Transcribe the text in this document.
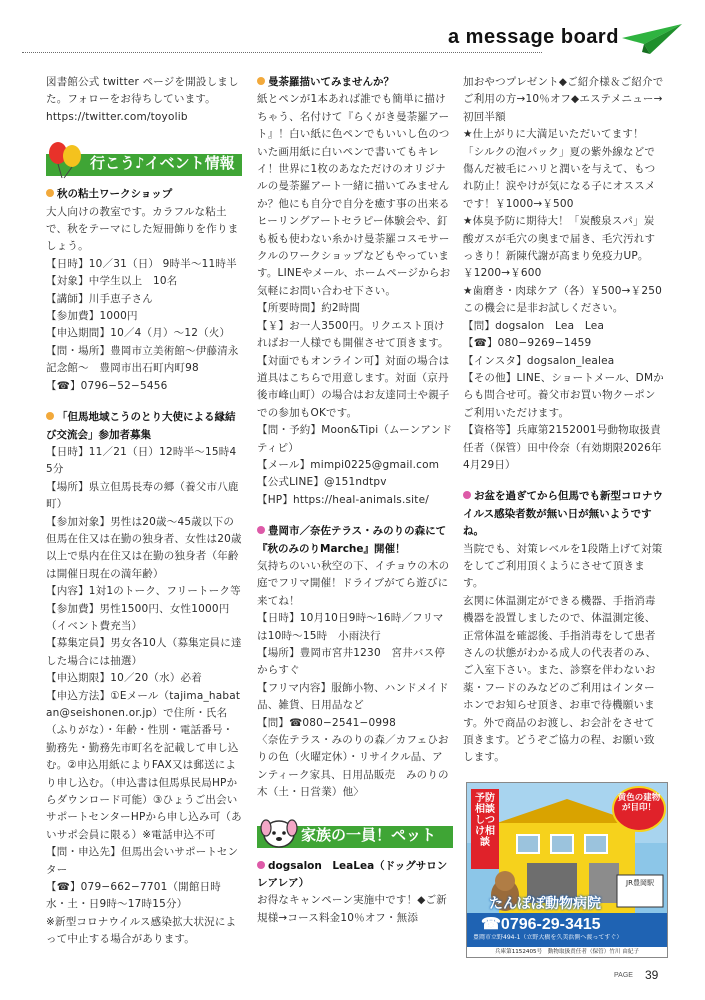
a message board
図書館公式 twitter ページを開設しました。フォローをお待ちしています。
https://twitter.com/toyolib
行こう♪イベント情報
秋の粘土ワークショップ
大人向けの教室です。カラフルな粘土で、秋をテーマにした短冊飾りを作りましょう。
【日時】10／31（日） 9時半〜11時半
【対象】中学生以上　10名
【講師】川手恵子さん
【参加費】1000円
【申込期間】10／4（月）〜12（火）
【問・場所】豊岡市立美術館〜伊藤清永記念館〜　豊岡市出石町内町98
【☎】0796−52−5456
「但馬地域こうのとり大使による縁結び交流会」参加者募集
【日時】11／21（日）12時半〜15時45分
【場所】県立但馬長寿の郷（養父市八鹿町）
【参加対象】男性は20歳〜45歳以下の但馬在住又は在勤の独身者、女性は20歳以上で県内在住又は在勤の独身者（年齢は開催日現在の満年齢）
【内容】1対1のトーク、フリートーク等
【参加費】男性1500円、女性1000円（イベント費充当）
【募集定員】男女各10人（募集定員に達した場合には抽選）
【申込期限】10／20（水）必着
【申込方法】①Eメール（tajima_habatan@seishonen.or.jp）で住所・氏名（ふりがな）・年齢・性別・電話番号・勤務先・勤務先市町名を記載して申し込む。②申込用紙によりFAX又は郵送により申し込む。（申込書は但馬県民局HPからダウンロード可能）③ひょうご出会いサポートセンターHPから申し込み可（あいサポ会員に限る）※電話申込不可
【問・申込先】但馬出会いサポートセンター
【☎】079−662−7701（開館日時　水・土・日9時〜17時15分）
※新型コロナウイルス感染拡大状況によって中止する場合があります。
曼荼羅描いてみませんか？
紙とペンが1本あれば誰でも簡単に描けちゃう、名付けて『らくがき曼荼羅アート』！白い紙に色ペンでもいいし色のついた画用紙に白いペンで書いてもキレイ！世界に1枚のあなただけのオリジナルの曼荼羅アート一緒に描いてみませんか？他にも自分で自分を癒す事の出来るヒーリングアートセラピー体験会や、釘も板も使わない糸かけ曼荼羅コスモサークルのワークショップなどもやっています。LINEやメール、ホームページからお気軽にお問い合わせ下さい。
【所要時間】約2時間
【￥】お一人3500円。リクエスト頂ければお一人様でも開催させて頂きます。
【対面でもオンライン可】対面の場合は道具はこちらで用意します。対面（京丹後市峰山町）の場合はお友達同士や親子での参加もOKです。
【問・予約】Moon&Tipi（ムーンアンドティピ）
【メール】mimpi0225@gmail.com
【公式LINE】@151ndtpv
【HP】https://heal-animals.site/
豊岡市／奈佐テラス・みのりの森にて『秋のみのりMarche』開催！
気持ちのいい秋空の下、イチョウの木の庭でフリマ開催！ドライブがてら遊びに来てね！
【日時】10月10日9時〜16時／フリマは10時〜15時　小雨決行
【場所】豊岡市宮井1230　宮井バス停からすぐ
【フリマ内容】服飾小物、ハンドメイド品、雑貨、日用品など
【問】☎080−2541−0998
〈奈佐テラス・みのりの森／カフェひおりの色（火曜定休）・リサイクル品、アンティーク家具、日用品販売　みのりの木（土・日営業）他〉
家族の一員！ペット
dogsalon　LeaLea（ドッグサロンレアレア）
お得なキャンペーン実施中です！◆ご新規様→コース料金10％オフ・無添
加おやつプレゼント◆ご紹介様＆ご紹介でご利用の方→10％オフ◆エステメニュー→初回半額
★仕上がりに大満足いただいてます！「シルクの泡パック」夏の紫外線などで傷んだ被毛にハリと潤いを与えて、もつれ防止！涙やけが気になる子にオススメです！￥1000→￥500
★体臭予防に期待大！「炭酸泉スパ」炭酸ガスが毛穴の奥まで届き、毛穴汚れすっきり！新陳代謝が高まり免疫力UP。￥1200→￥600
★歯磨き・肉球ケア（各）￥500→￥250
この機会に是非お試しください。
【問】dogsalon　Lea　Lea
【☎】080−9269−1459
【インスタ】dogsalon_lealea
【その他】LINE、ショートメール、DMからも問合せ可。養父市お買い物クーポンご利用いただけます。
【資格等】兵庫第2152001号動物取扱責任者（保管）田中伶奈（有効期限2026年4月29日）
お盆を過ぎてから但馬でも新型コロナウイルス感染者数が無い日が無いようですね。
当院でも、対策レベルを1段階上げて対策をしてご利用頂くようにさせて頂きます。
玄関に体温測定ができる機器、手指消毒機器を設置しましたので、体温測定後、正常体温を確認後、手指消毒をして患者さんの状態がわかる成人の代表者のみ、ご入室下さい。また、診察を伴わないお薬・フードのみなどのご利用はインターホンでお知らせ頂き、お車で待機願います。外で商品のお渡し、お会計をさせて頂きます。どうぞご協力の程、お願い致します。
予防相談しつけ相談
黄色の建物が目印！
JR豊岡駅
たんぽぽ動物病院
☎0796-29-3415
豊岡市立野494-1（立野大橋を久美浜側へ渡ってすぐ）
兵庫第1152405号　動物取扱責任者（保管）竹川 由紀子
PAGE 39
